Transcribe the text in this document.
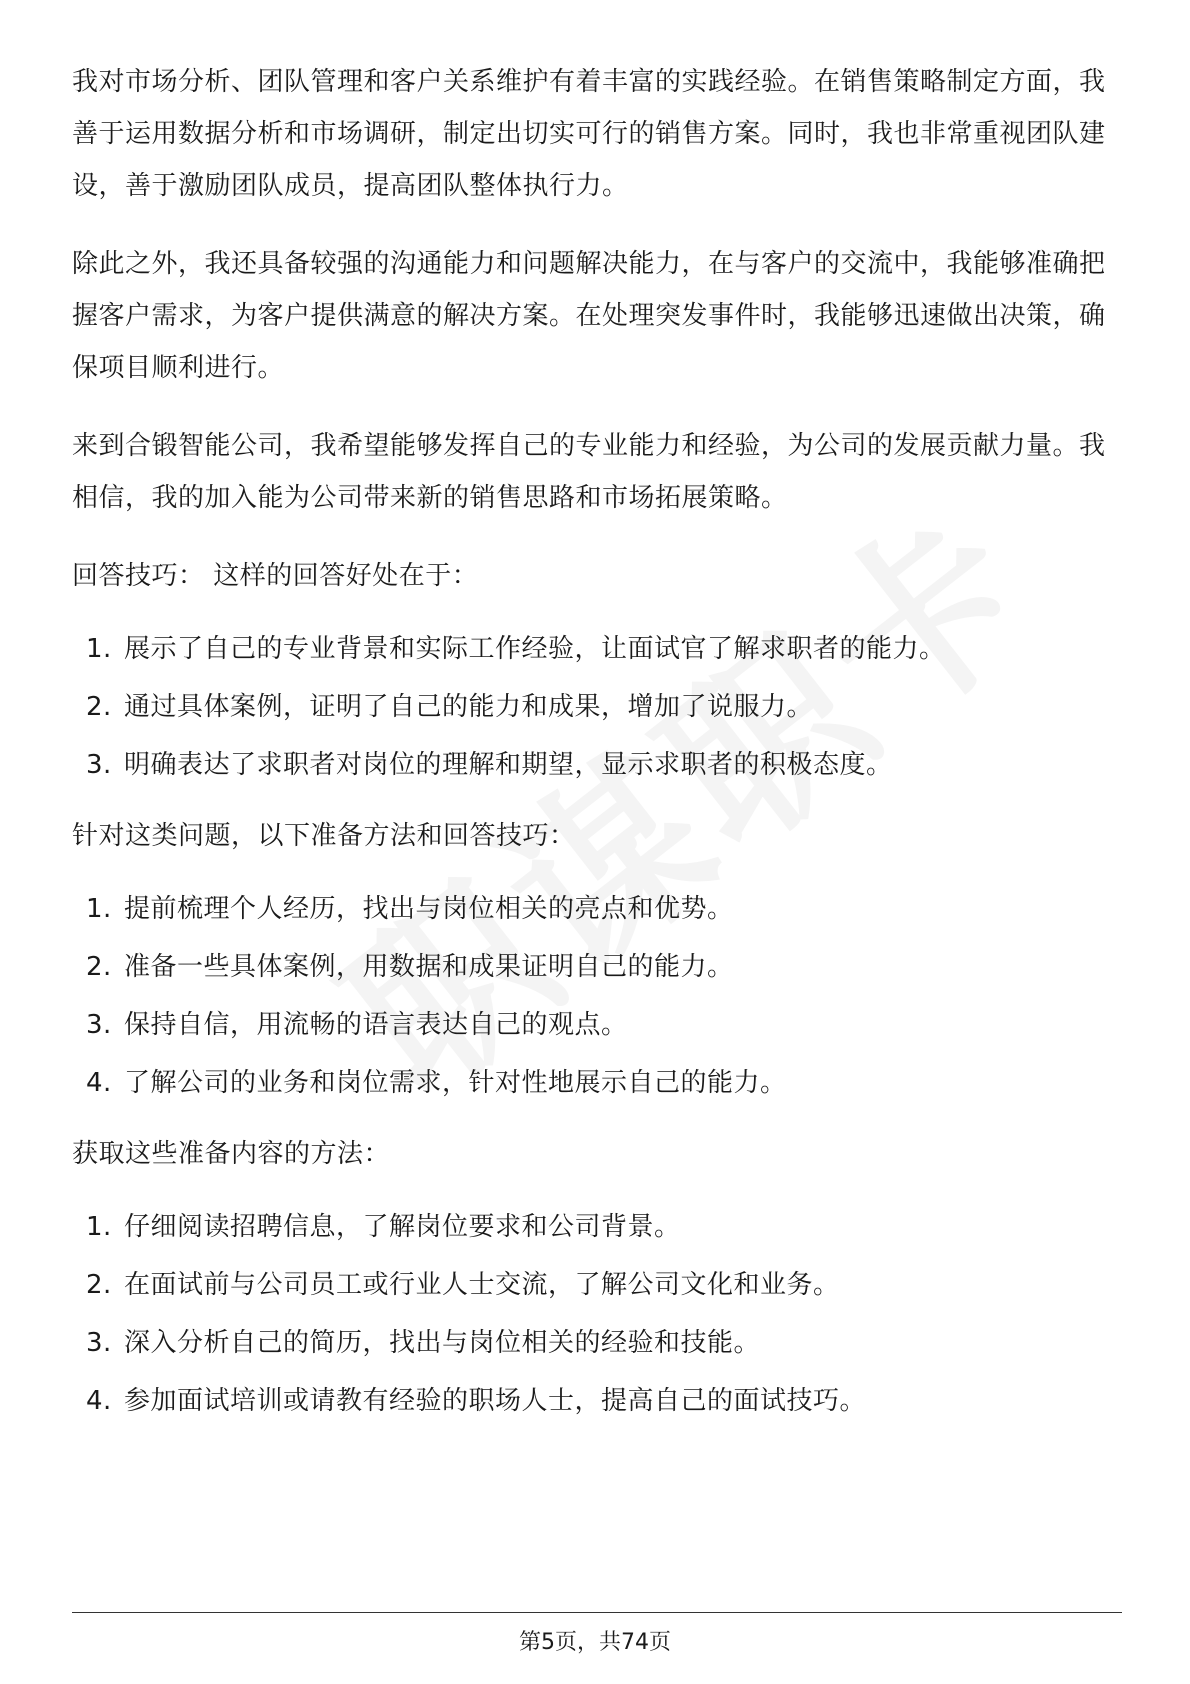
我对市场分析、团队管理和客户关系维护有着丰富的实践经验。在销售策略制定方面，我善于运用数据分析和市场调研，制定出切实可行的销售方案。同时，我也非常重视团队建设，善于激励团队成员，提高团队整体执行力。

除此之外，我还具备较强的沟通能力和问题解决能力，在与客户的交流中，我能够准确把握客户需求，为客户提供满意的解决方案。在处理突发事件时，我能够迅速做出决策，确保项目顺利进行。

来到合锻智能公司，我希望能够发挥自己的专业能力和经验，为公司的发展贡献力量。我相信，我的加入能为公司带来新的销售思路和市场拓展策略。

回答技巧： 这样的回答好处在于：

1. 展示了自己的专业背景和实际工作经验，让面试官了解求职者的能力。
2. 通过具体案例，证明了自己的能力和成果，增加了说服力。
3. 明确表达了求职者对岗位的理解和期望，显示求职者的积极态度。

针对这类问题，以下准备方法和回答技巧：

1. 提前梳理个人经历，找出与岗位相关的亮点和优势。
2. 准备一些具体案例，用数据和成果证明自己的能力。
3. 保持自信，用流畅的语言表达自己的观点。
4. 了解公司的业务和岗位需求，针对性地展示自己的能力。

获取这些准备内容的方法：

1. 仔细阅读招聘信息，了解岗位要求和公司背景。
2. 在面试前与公司员工或行业人士交流，了解公司文化和业务。
3. 深入分析自己的简历，找出与岗位相关的经验和技能。
4. 参加面试培训或请教有经验的职场人士，提高自己的面试技巧。
第5页，共74页
